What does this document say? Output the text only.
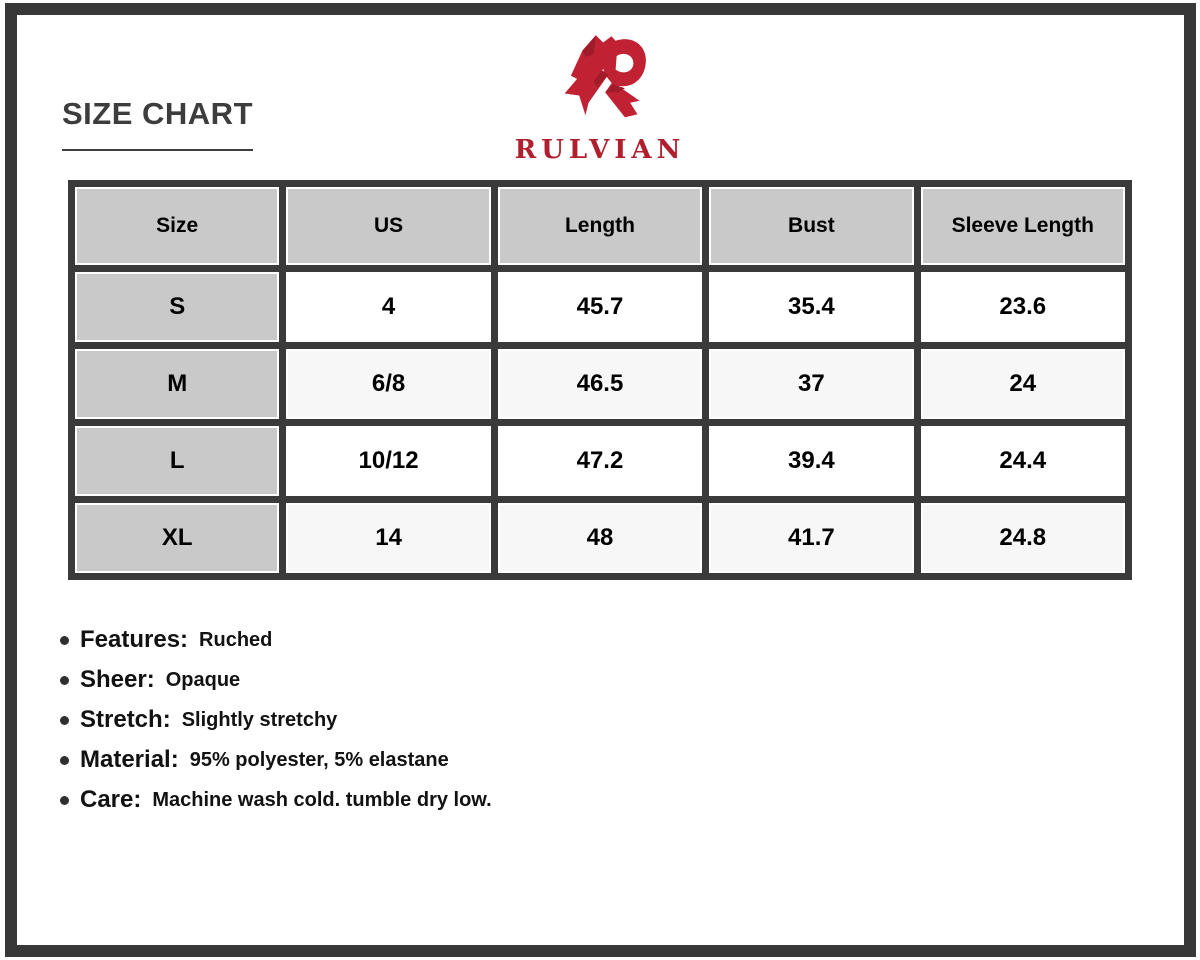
SIZE CHART
RULVIAN
Size	US	Length	Bust	Sleeve Length
S	4	45.7	35.4	23.6
M	6/8	46.5	37	24
L	10/12	47.2	39.4	24.4
XL	14	48	41.7	24.8
Features: Ruched
Sheer: Opaque
Stretch: Slightly stretchy
Material: 95% polyester, 5% elastane
Care: Machine wash cold. tumble dry low.
